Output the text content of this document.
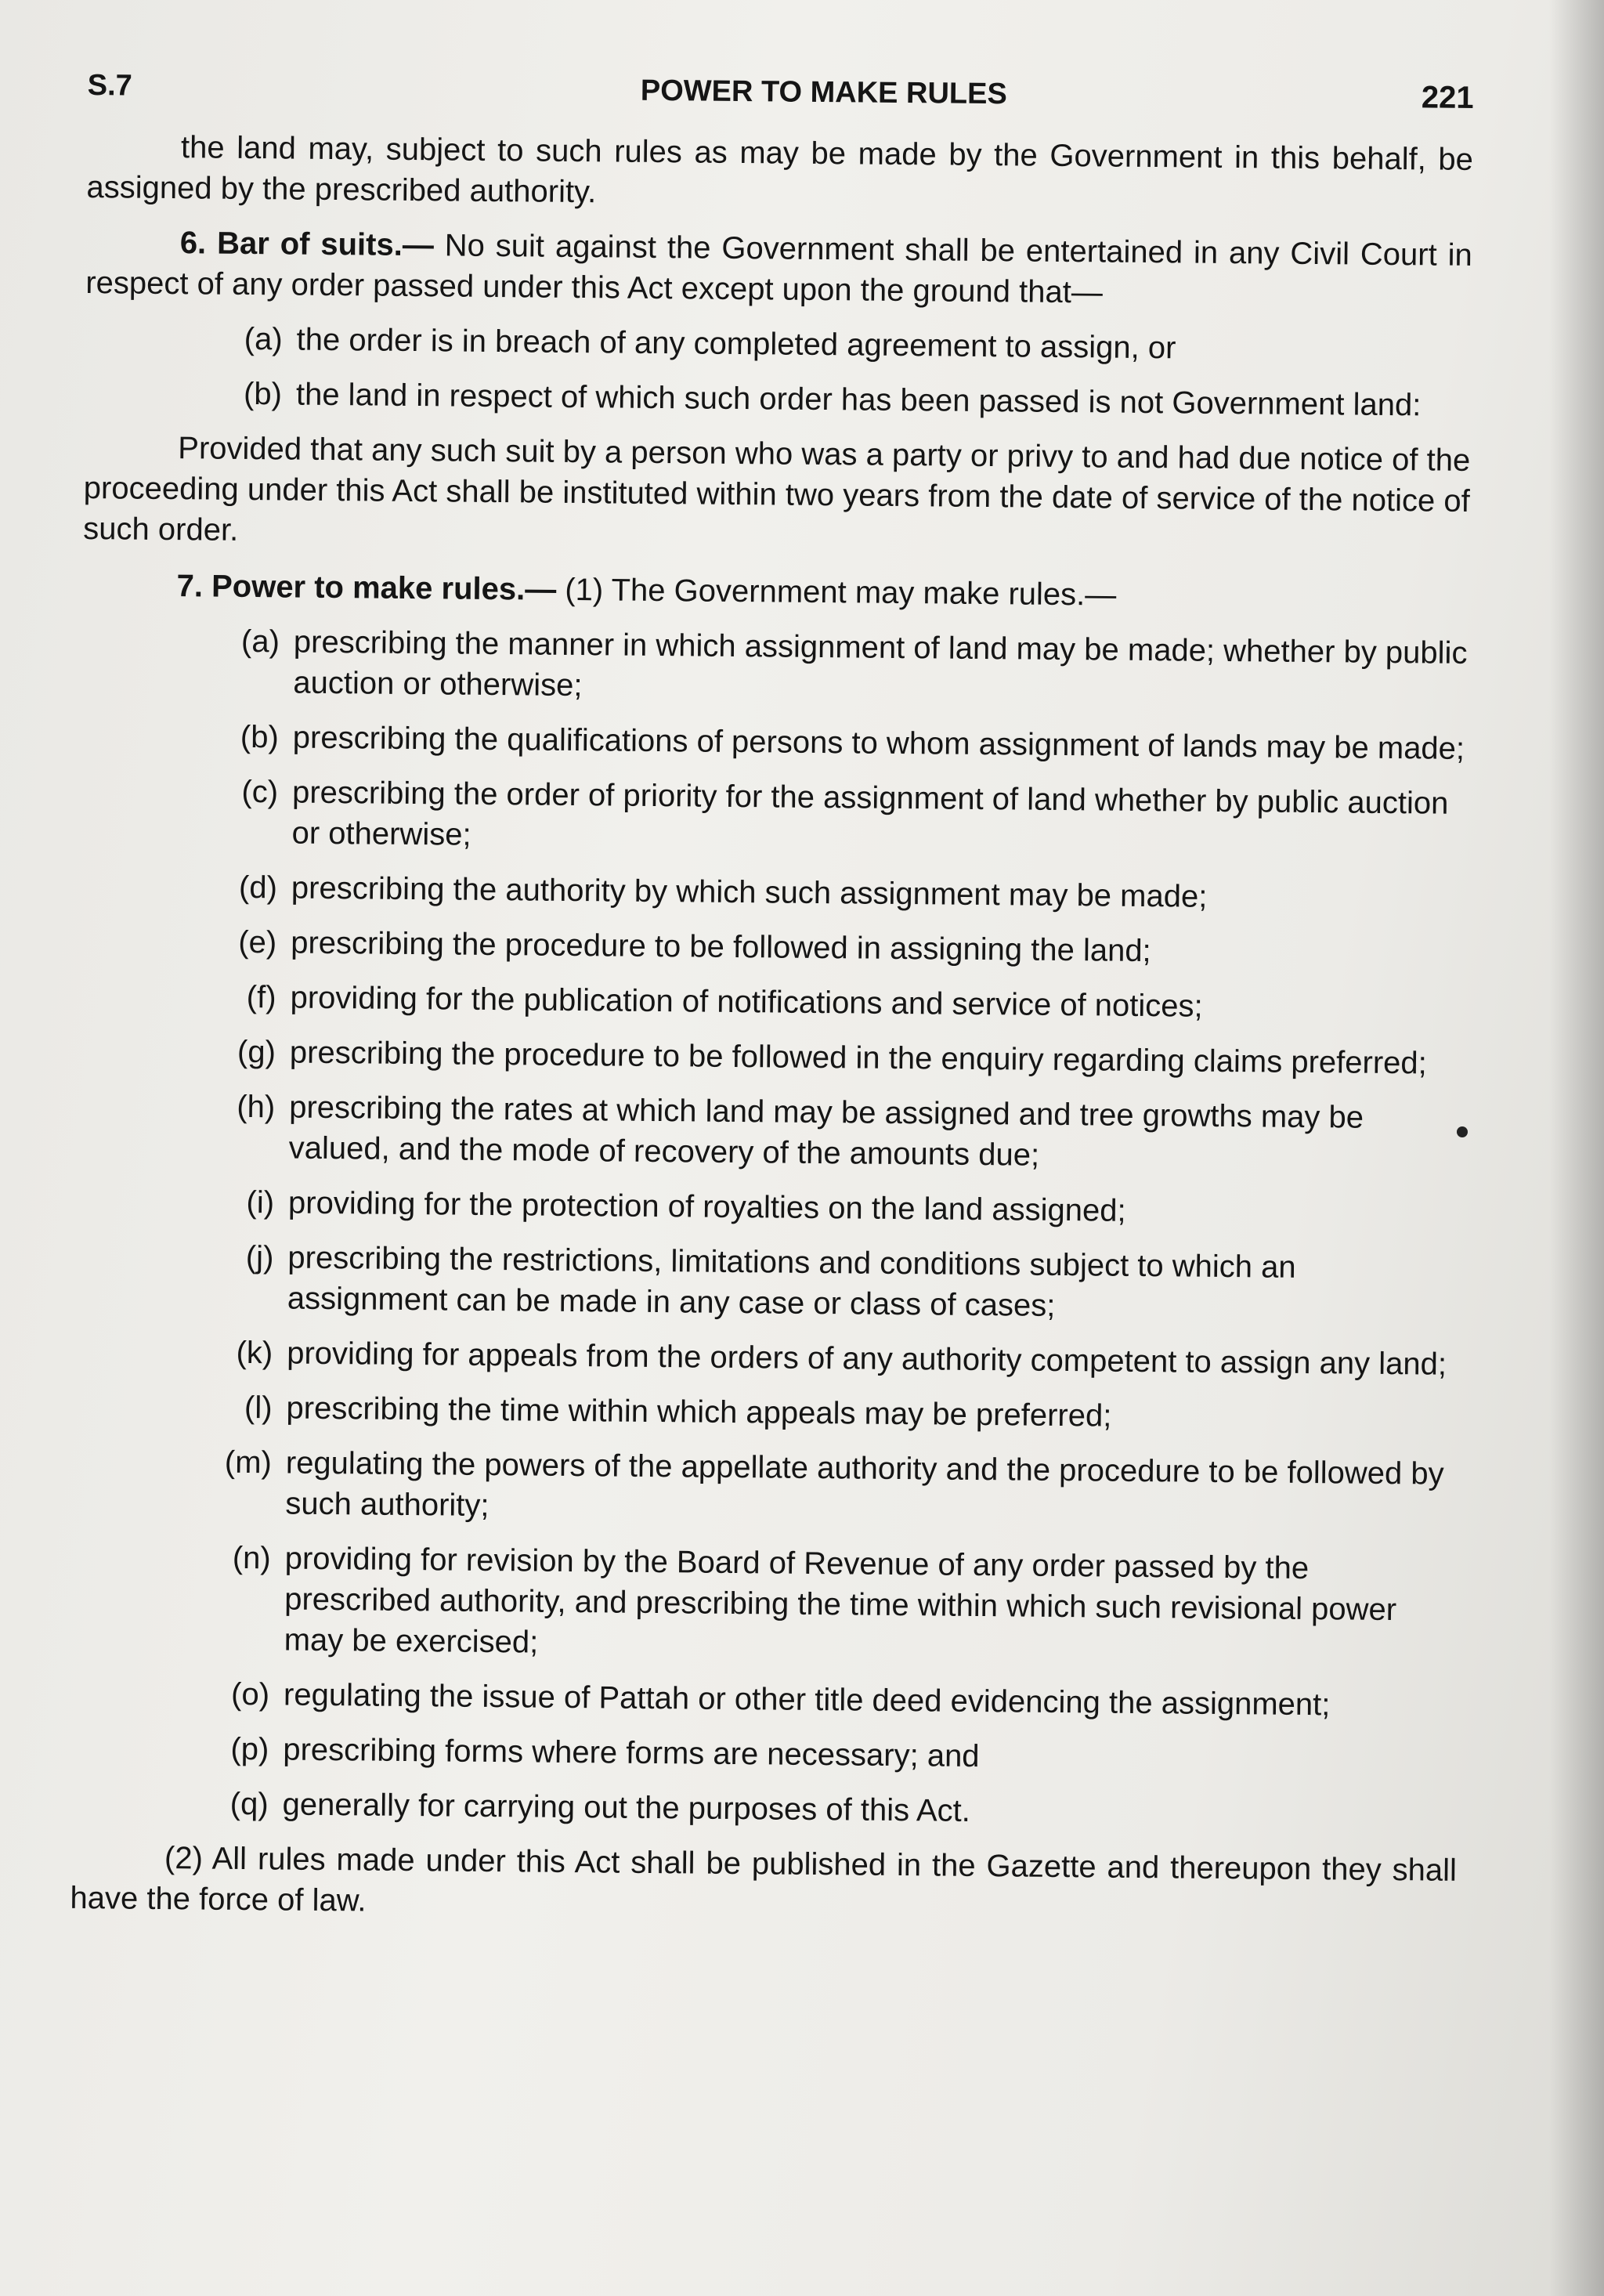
S.7	POWER TO MAKE RULES	221

the land may, subject to such rules as may be made by the Government in this behalf, be assigned by the prescribed authority.

6. Bar of suits.— No suit against the Government shall be entertained in any Civil Court in respect of any order passed under this Act except upon the ground that—

(a) the order is in breach of any completed agreement to assign, or
(b) the land in respect of which such order has been passed is not Government land:

Provided that any such suit by a person who was a party or privy to and had due notice of the proceeding under this Act shall be instituted within two years from the date of service of the notice of such order.

7. Power to make rules.— (1) The Government may make rules.—

(a) prescribing the manner in which assignment of land may be made; whether by public auction or otherwise;
(b) prescribing the qualifications of persons to whom assignment of lands may be made;
(c) prescribing the order of priority for the assignment of land whether by public auction or otherwise;
(d) prescribing the authority by which such assignment may be made;
(e) prescribing the procedure to be followed in assigning the land;
(f) providing for the publication of notifications and service of notices;
(g) prescribing the procedure to be followed in the enquiry regarding claims preferred;
(h) prescribing the rates at which land may be assigned and tree growths may be valued, and the mode of recovery of the amounts due;
(i) providing for the protection of royalties on the land assigned;
(j) prescribing the restrictions, limitations and conditions subject to which an assignment can be made in any case or class of cases;
(k) providing for appeals from the orders of any authority competent to assign any land;
(l) prescribing the time within which appeals may be preferred;
(m) regulating the powers of the appellate authority and the procedure to be followed by such authority;
(n) providing for revision by the Board of Revenue of any order passed by the prescribed authority, and prescribing the time within which such revisional power may be exercised;
(o) regulating the issue of Pattah or other title deed evidencing the assignment;
(p) prescribing forms where forms are necessary; and
(q) generally for carrying out the purposes of this Act.

(2) All rules made under this Act shall be published in the Gazette and thereupon they shall have the force of law.
